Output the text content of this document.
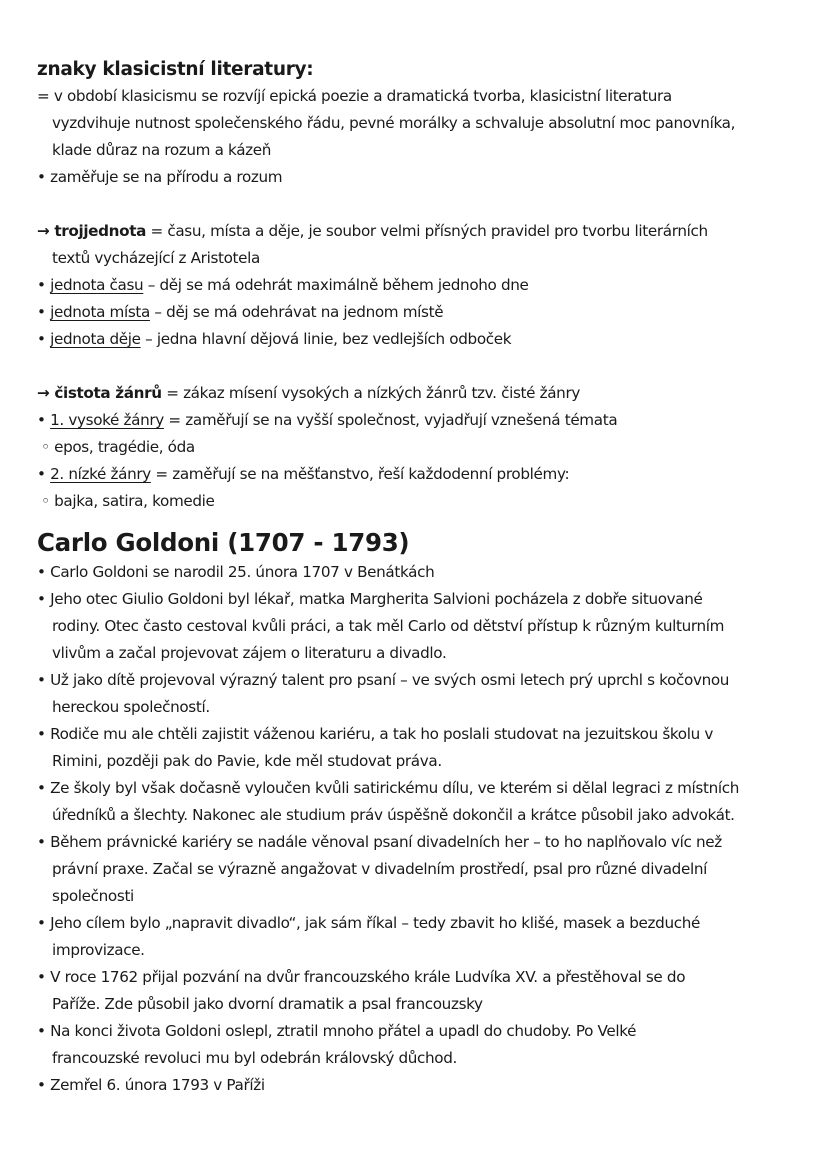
znaky klasicistní literatury:

= v období klasicismu se rozvíjí epická poezie a dramatická tvorba, klasicistní literatura

vyzdvihuje nutnost společenského řádu, pevné morálky a schvaluje absolutní moc panovníka,

klade důraz na rozum a kázeň

• zaměřuje se na přírodu a rozum

→ trojjednota = času, místa a děje, je soubor velmi přísných pravidel pro tvorbu literárních

textů vycházející z Aristotela

• jednota času – děj se má odehrát maximálně během jednoho dne

• jednota místa – děj se má odehrávat na jednom místě

• jednota děje – jedna hlavní dějová linie, bez vedlejších odboček

→ čistota žánrů = zákaz mísení vysokých a nízkých žánrů tzv. čisté žánry

• 1. vysoké žánry = zaměřují se na vyšší společnost, vyjadřují vznešená témata

◦ epos, tragédie, óda

• 2. nízké žánry = zaměřují se na měšťanstvo, řeší každodenní problémy:

◦ bajka, satira, komedie

Carlo Goldoni (1707 - 1793)

• Carlo Goldoni se narodil 25. února 1707 v Benátkách

• Jeho otec Giulio Goldoni byl lékař, matka Margherita Salvioni pocházela z dobře situované

rodiny. Otec často cestoval kvůli práci, a tak měl Carlo od dětství přístup k různým kulturním

vlivům a začal projevovat zájem o literaturu a divadlo.

• Už jako dítě projevoval výrazný talent pro psaní – ve svých osmi letech prý uprchl s kočovnou

hereckou společností.

• Rodiče mu ale chtěli zajistit váženou kariéru, a tak ho poslali studovat na jezuitskou školu v

Rimini, později pak do Pavie, kde měl studovat práva.

• Ze školy byl však dočasně vyloučen kvůli satirickému dílu, ve kterém si dělal legraci z místních

úředníků a šlechty. Nakonec ale studium práv úspěšně dokončil a krátce působil jako advokát.

• Během právnické kariéry se nadále věnoval psaní divadelních her – to ho naplňovalo víc než

právní praxe. Začal se výrazně angažovat v divadelním prostředí, psal pro různé divadelní

společnosti

• Jeho cílem bylo „napravit divadlo“, jak sám říkal – tedy zbavit ho klišé, masek a bezduché

improvizace.

• V roce 1762 přijal pozvání na dvůr francouzského krále Ludvíka XV. a přestěhoval se do

Paříže. Zde působil jako dvorní dramatik a psal francouzsky

• Na konci života Goldoni oslepl, ztratil mnoho přátel a upadl do chudoby. Po Velké

francouzské revoluci mu byl odebrán královský důchod.

• Zemřel 6. února 1793 v Paříži
